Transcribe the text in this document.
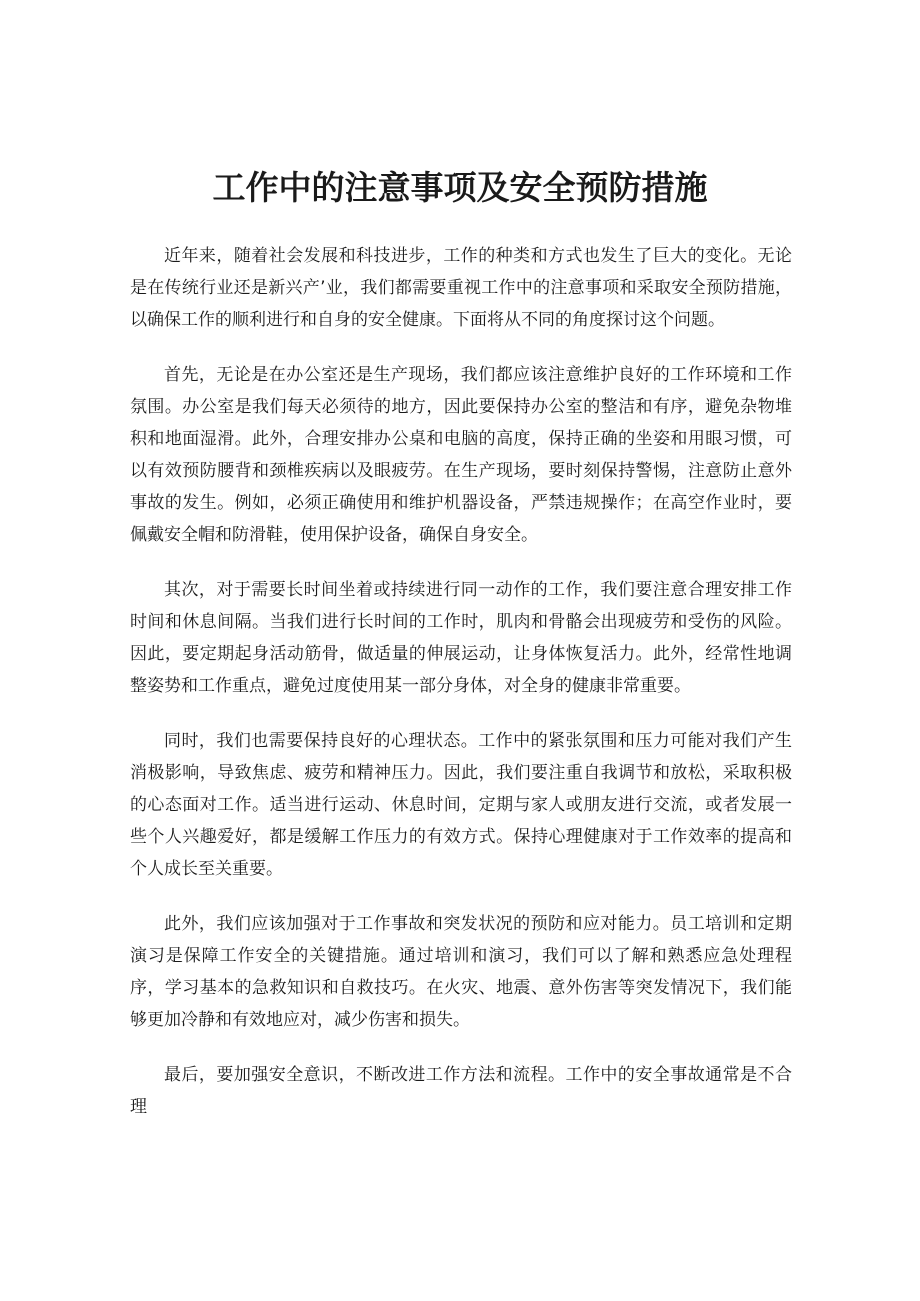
工作中的注意事项及安全预防措施

近年来，随着社会发展和科技进步，工作的种类和方式也发生了巨大的变化。无论是在传统行业还是新兴产’业，我们都需要重视工作中的注意事项和采取安全预防措施，以确保工作的顺利进行和自身的安全健康。下面将从不同的角度探讨这个问题。

首先，无论是在办公室还是生产现场，我们都应该注意维护良好的工作环境和工作氛围。办公室是我们每天必须待的地方，因此要保持办公室的整洁和有序，避免杂物堆积和地面湿滑。此外，合理安排办公桌和电脑的高度，保持正确的坐姿和用眼习惯，可以有效预防腰背和颈椎疾病以及眼疲劳。在生产现场，要时刻保持警惕，注意防止意外事故的发生。例如，必须正确使用和维护机器设备，严禁违规操作；在高空作业时，要佩戴安全帽和防滑鞋，使用保护设备，确保自身安全。

其次，对于需要长时间坐着或持续进行同一动作的工作，我们要注意合理安排工作时间和休息间隔。当我们进行长时间的工作时，肌肉和骨骼会出现疲劳和受伤的风险。因此，要定期起身活动筋骨，做适量的伸展运动，让身体恢复活力。此外，经常性地调整姿势和工作重点，避免过度使用某一部分身体，对全身的健康非常重要。

同时，我们也需要保持良好的心理状态。工作中的紧张氛围和压力可能对我们产生消极影响，导致焦虑、疲劳和精神压力。因此，我们要注重自我调节和放松，采取积极的心态面对工作。适当进行运动、休息时间，定期与家人或朋友进行交流，或者发展一些个人兴趣爱好，都是缓解工作压力的有效方式。保持心理健康对于工作效率的提高和个人成长至关重要。

此外，我们应该加强对于工作事故和突发状况的预防和应对能力。员工培训和定期演习是保障工作安全的关键措施。通过培训和演习，我们可以了解和熟悉应急处理程序，学习基本的急救知识和自救技巧。在火灾、地震、意外伤害等突发情况下，我们能够更加冷静和有效地应对，减少伤害和损失。

最后，要加强安全意识，不断改进工作方法和流程。工作中的安全事故通常是不合理
